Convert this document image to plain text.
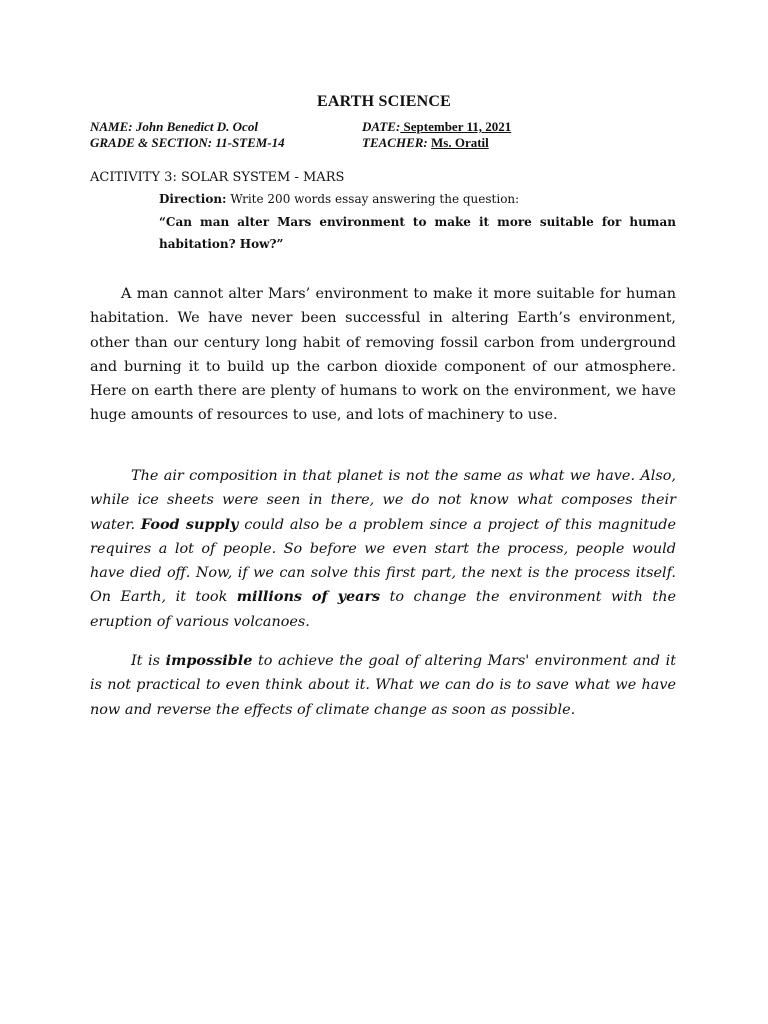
EARTH SCIENCE
NAME: John Benedict D. Ocol	DATE: September 11, 2021
GRADE & SECTION: 11-STEM-14	TEACHER: Ms. Oratil
ACITIVITY 3: SOLAR SYSTEM - MARS
Direction: Write 200 words essay answering the question:
“Can man alter Mars environment to make it more suitable for human habitation? How?”

A man cannot alter Mars’ environment to make it more suitable for human habitation. We have never been successful in altering Earth’s environment, other than our century long habit of removing fossil carbon from underground and burning it to build up the carbon dioxide component of our atmosphere. Here on earth there are plenty of humans to work on the environment, we have huge amounts of resources to use, and lots of machinery to use.

The air composition in that planet is not the same as what we have. Also, while ice sheets were seen in there, we do not know what composes their water. Food supply could also be a problem since a project of this magnitude requires a lot of people. So before we even start the process, people would have died off. Now, if we can solve this first part, the next is the process itself. On Earth, it took millions of years to change the environment with the eruption of various volcanoes.

It is impossible to achieve the goal of altering Mars' environment and it is not practical to even think about it. What we can do is to save what we have now and reverse the effects of climate change as soon as possible.
